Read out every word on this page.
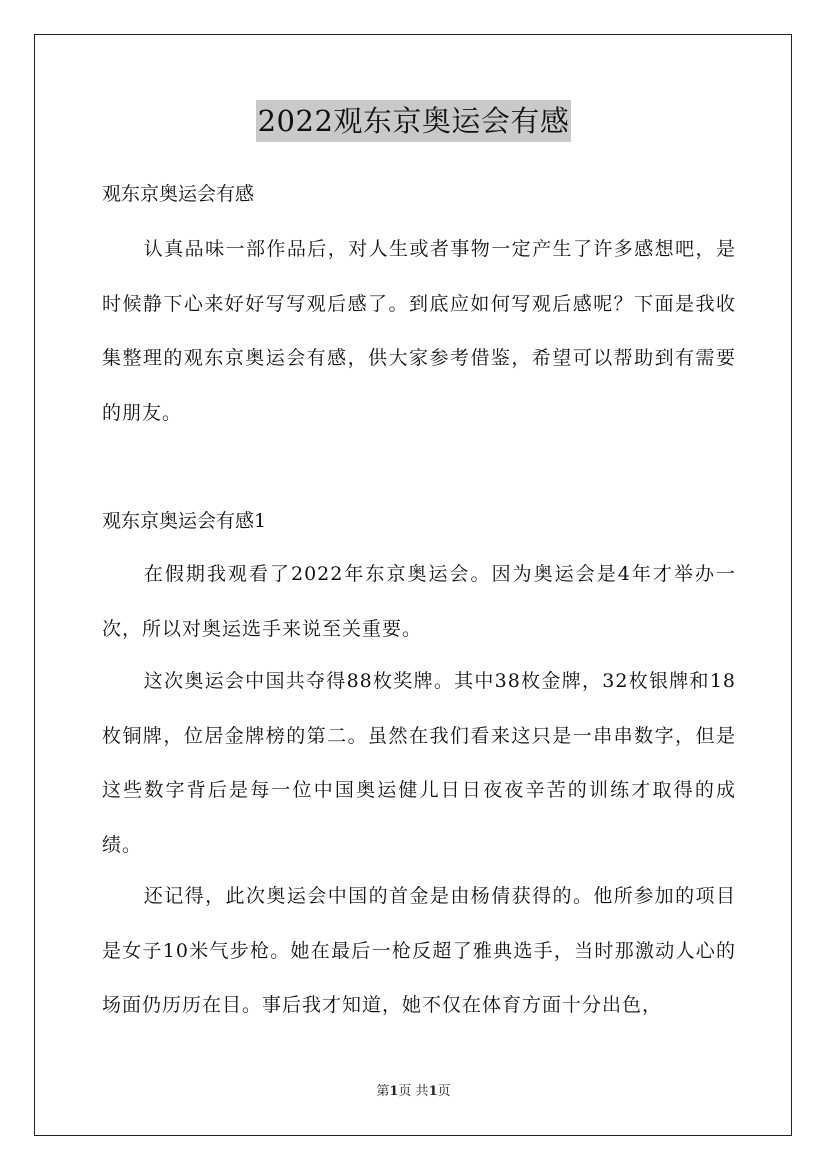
2022观东京奥运会有感
观东京奥运会有感

认真品味一部作品后，对人生或者事物一定产生了许多感想吧，是时候静下心来好好写写观后感了。到底应如何写观后感呢？下面是我收集整理的观东京奥运会有感，供大家参考借鉴，希望可以帮助到有需要的朋友。

观东京奥运会有感1

在假期我观看了2022年东京奥运会。因为奥运会是4年才举办一次，所以对奥运选手来说至关重要。

这次奥运会中国共夺得88枚奖牌。其中38枚金牌，32枚银牌和18枚铜牌，位居金牌榜的第二。虽然在我们看来这只是一串串数字，但是这些数字背后是每一位中国奥运健儿日日夜夜辛苦的训练才取得的成绩。

还记得，此次奥运会中国的首金是由杨倩获得的。他所参加的项目是女子10米气步枪。她在最后一枪反超了雅典选手，当时那激动人心的场面仍历历在目。事后我才知道，她不仅在体育方面十分出色，

第1页 共1页
